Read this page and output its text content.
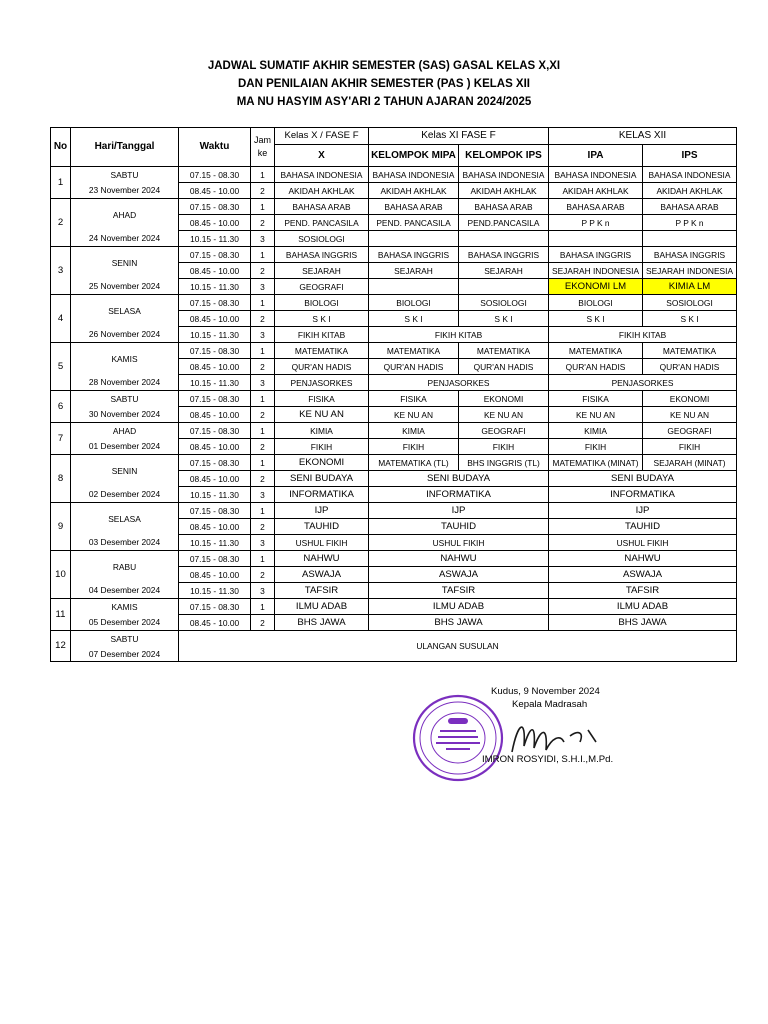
JADWAL SUMATIF AKHIR SEMESTER (SAS) GASAL KELAS X,XI
DAN PENILAIAN AKHIR SEMESTER (PAS ) KELAS XII
MA NU HASYIM ASY'ARI 2 TAHUN AJARAN 2024/2025
No	Hari/Tanggal	Waktu	Jam ke	Kelas X / FASE F	Kelas XI FASE F		KELAS XII	
				X	KELOMPOK MIPA	KELOMPOK IPS	IPA	IPS
1	SABTU	07.15 - 08.30	1	BAHASA INDONESIA	BAHASA INDONESIA	BAHASA INDONESIA	BAHASA INDONESIA	BAHASA INDONESIA
	23 November 2024	08.45 - 10.00	2	AKIDAH AKHLAK	AKIDAH AKHLAK	AKIDAH AKHLAK	AKIDAH AKHLAK	AKIDAH AKHLAK
2	AHAD	07.15 - 08.30	1	BAHASA ARAB	BAHASA ARAB	BAHASA ARAB	BAHASA ARAB	BAHASA ARAB
		08.45 - 10.00	2	PEND. PANCASILA	PEND. PANCASILA	PEND.PANCASILA	P P K n	P P K n
	24 November 2024	10.15 - 11.30	3	SOSIOLOGI				
3	SENIN	07.15 - 08.30	1	BAHASA INGGRIS	BAHASA INGGRIS	BAHASA INGGRIS	BAHASA INGGRIS	BAHASA INGGRIS
		08.45 - 10.00	2	SEJARAH	SEJARAH	SEJARAH	SEJARAH INDONESIA	SEJARAH INDONESIA
	25 November 2024	10.15 - 11.30	3	GEOGRAFI			EKONOMI LM	KIMIA LM
4	SELASA	07.15 - 08.30	1	BIOLOGI	BIOLOGI	SOSIOLOGI	BIOLOGI	SOSIOLOGI
		08.45 - 10.00	2	S K I	S K I	S K I	S K I	S K I
	26 November 2024	10.15 - 11.30	3	FIKIH KITAB	FIKIH KITAB		FIKIH KITAB	
5	KAMIS	07.15 - 08.30	1	MATEMATIKA	MATEMATIKA	MATEMATIKA	MATEMATIKA	MATEMATIKA
		08.45 - 10.00	2	QUR'AN HADIS	QUR'AN HADIS	QUR'AN HADIS	QUR'AN HADIS	QUR'AN HADIS
	28 November 2024	10.15 - 11.30	3	PENJASORKES	PENJASORKES		PENJASORKES	
6	SABTU	07.15 - 08.30	1	FISIKA	FISIKA	EKONOMI	FISIKA	EKONOMI
	30 November 2024	08.45 - 10.00	2	KE NU AN	KE NU AN	KE NU AN	KE NU AN	KE NU AN
7	AHAD	07.15 - 08.30	1	KIMIA	KIMIA	GEOGRAFI	KIMIA	GEOGRAFI
	01 Desember 2024	08.45 - 10.00	2	FIKIH	FIKIH	FIKIH	FIKIH	FIKIH
8	SENIN	07.15 - 08.30	1	EKONOMI	MATEMATIKA (TL)	BHS INGGRIS (TL)	MATEMATIKA (MINAT)	SEJARAH (MINAT)
		08.45 - 10.00	2	SENI BUDAYA	SENI BUDAYA		SENI BUDAYA	
	02 Desember 2024	10.15 - 11.30	3	INFORMATIKA	INFORMATIKA		INFORMATIKA	
9	SELASA	07.15 - 08.30	1	IJP	IJP		IJP	
		08.45 - 10.00	2	TAUHID	TAUHID		TAUHID	
	03 Desember 2024	10.15 - 11.30	3	USHUL FIKIH	USHUL FIKIH		USHUL FIKIH	
10	RABU	07.15 - 08.30	1	NAHWU	NAHWU		NAHWU	
		08.45 - 10.00	2	ASWAJA	ASWAJA		ASWAJA	
	04 Desember 2024	10.15 - 11.30	3	TAFSIR	TAFSIR		TAFSIR	
11	KAMIS	07.15 - 08.30	1	ILMU ADAB	ILMU ADAB		ILMU ADAB	
	05 Desember 2024	08.45 - 10.00	2	BHS JAWA	BHS JAWA		BHS JAWA	
12	SABTU	ULANGAN SUSULAN						
	07 Desember 2024							
Kudus, 9 November 2024
Kepala Madrasah
IMRON ROSYIDI, S.H.I.,M.Pd.
